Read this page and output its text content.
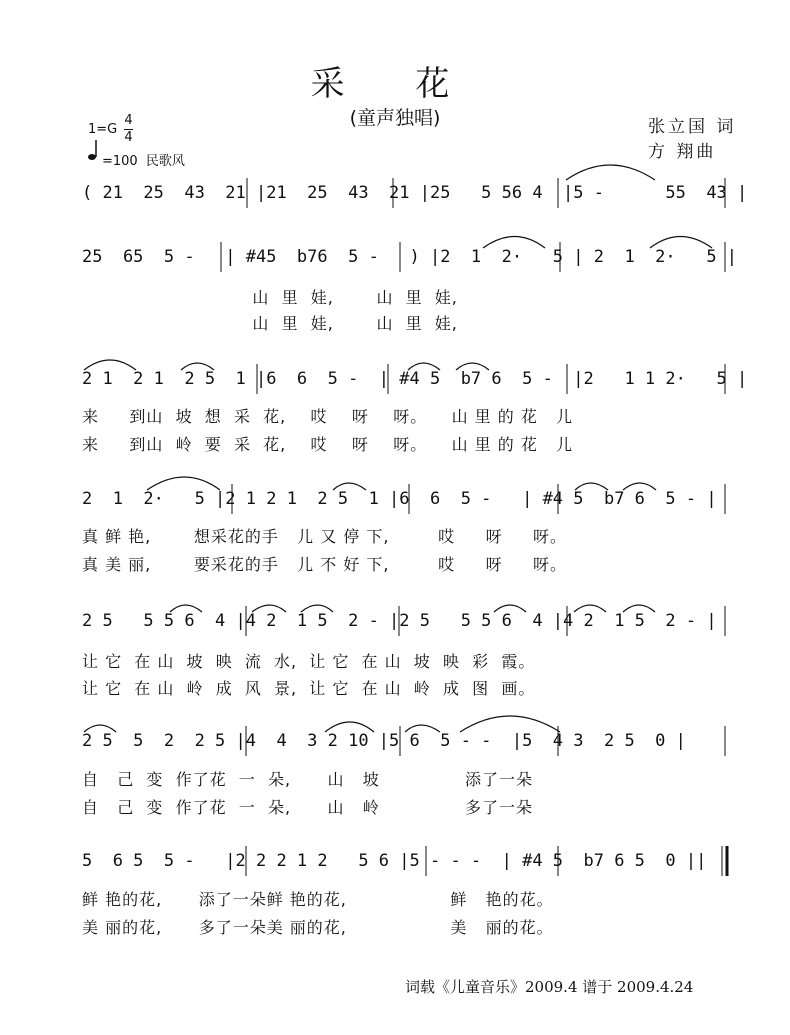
采 花
(童声独唱)
1=G
4
4
=100 民歌风
张立国 词
方 翔曲
( 21  25  43  21 |21  25  43  21 |25   5 56 4  |5 -      55  43 |
25  65  5 -   | #45  b76  5 -   ) |2  1  2·   5 | 2  1  2·   5 |
山  里  娃,       山  里  娃,
山  里  娃,       山  里  娃,
2 1  2 1  2 5  1 |6  6  5 -  | #4 5  b7 6  5 -  |2   1 1 2·   5 |
来     到山  坡  想  采  花,    哎    呀    呀。    山 里 的 花   儿
来     到山  岭  要  采  花,    哎    呀    呀。    山 里 的 花   儿
2  1  2·   5 |2 1 2 1  2 5  1 |6  6  5 -   | #4 5  b7 6  5 - |
真 鲜 艳,       想采花的手   儿 又 停 下,        哎     呀     呀。
真 美 丽,       要采花的手   儿 不 好 下,        哎     呀     呀。
2 5   5 5 6  4 |4 2  1 5  2 - |2 5   5 5 6  4 |4 2  1 5  2 - |
让 它  在 山  坡  映  流  水,  让 它  在 山  坡  映  彩  霞。
让 它  在 山  岭  成  风  景,  让 它  在 山  岭  成  图  画。
2 5  5  2  2 5 |4  4  3 2 10 |5 6  5 - -  |5  4 3  2 5  0 |
自   己  变  作了花  一  朵,      山   坡              添了一朵
自   己  变  作了花  一  朵,      山   岭              多了一朵
5  6 5  5 -   |2 2 2 1 2   5 6 |5 - - -  | #4 5  b7 6 5  0 ||
鲜 艳的花,      添了一朵鲜 艳的花,                 鲜   艳的花。
美 丽的花,      多了一朵美 丽的花,                 美   丽的花。
词载《儿童音乐》2009.4 谱于 2009.4.24
